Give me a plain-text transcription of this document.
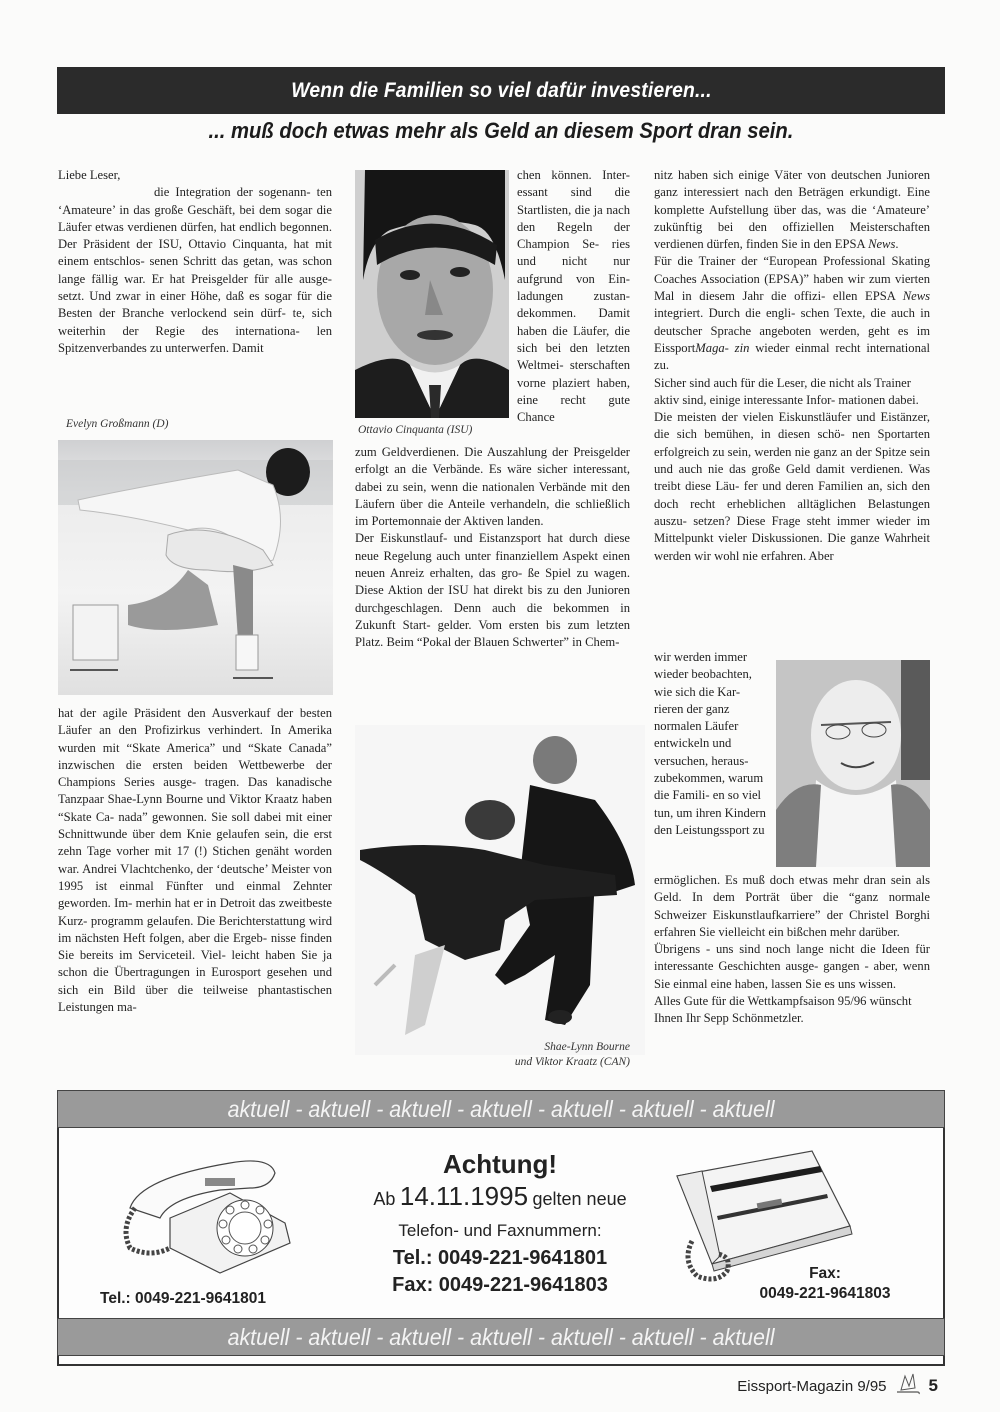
Wenn die Familien so viel dafür investieren...
... muß doch etwas mehr als Geld an diesem Sport dran sein.

Liebe Leser,

die Integration der sogenann- ten ‘Amateure’ in das große Geschäft, bei dem sogar die Läufer etwas verdienen dürfen, hat endlich begonnen. Der Präsident der ISU, Ottavio Cinquanta, hat mit einem entschlos- senen Schritt das getan, was schon lange fällig war. Er hat Preisgelder für alle ausge- setzt. Und zwar in einer Höhe, daß es sogar für die Besten der Branche verlockend sein dürf- te, sich weiterhin der Regie des internationa- len Spitzenverbandes zu unterwerfen. Damit

Evelyn Großmann (D)

hat der agile Präsident den Ausverkauf der besten Läufer an den Profizirkus verhindert. In Amerika wurden mit “Skate America” und “Skate Canada” inzwischen die ersten beiden Wettbewerbe der Champions Series ausge- tragen. Das kanadische Tanzpaar Shae-Lynn Bourne und Viktor Kraatz haben “Skate Ca- nada” gewonnen. Sie soll dabei mit einer Schnittwunde über dem Knie gelaufen sein, die erst zehn Tage vorher mit 17 (!) Stichen genäht worden war. Andrei Vlachtchenko, der ‘deutsche’ Meister von 1995 ist einmal Fünfter und einmal Zehnter geworden. Im- merhin hat er in Detroit das zweitbeste Kurz- programm gelaufen. Die Berichterstattung wird im nächsten Heft folgen, aber die Ergeb- nisse finden Sie bereits im Serviceteil. Viel- leicht haben Sie ja schon die Übertragungen in Eurosport gesehen und sich ein Bild über die teilweise phantastischen Leistungen ma-

Ottavio Cinquanta (ISU)

chen können. Inter- essant sind die Startlisten, die ja nach den Regeln der Champion Se- ries und nicht nur aufgrund von Ein- ladungen zustan- dekommen. Damit haben die Läufer, die sich bei den letzten Weltmei- sterschaften vorne plaziert haben, eine recht gute Chance

zum Geldverdienen. Die Auszahlung der Preisgelder erfolgt an die Verbände. Es wäre sicher interessant, dabei zu sein, wenn die nationalen Verbände mit den Läufern über die Anteile verhandeln, die schließlich im Portemonnaie der Aktiven landen.

Der Eiskunstlauf- und Eistanzsport hat durch diese neue Regelung auch unter finanziellem Aspekt einen neuen Anreiz erhalten, das gro- ße Spiel zu wagen. Diese Aktion der ISU hat direkt bis zu den Junioren durchgeschlagen. Denn auch die bekommen in Zukunft Start- gelder. Vom ersten bis zum letzten Platz. Beim “Pokal der Blauen Schwerter” in Chem-

Shae-Lynn Bourne
und Viktor Kraatz (CAN)

nitz haben sich einige Väter von deutschen Junioren ganz interessiert nach den Beträgen erkundigt. Eine komplette Aufstellung über das, was die ‘Amateure’ zukünftig bei den offiziellen Meisterschaften verdienen dürfen, finden Sie in den EPSA News.

Für die Trainer der “European Professional Skating Coaches Association (EPSA)” haben wir zum vierten Mal in diesem Jahr die offizi- ellen EPSA News integriert. Durch die engli- schen Texte, die auch in deutscher Sprache angeboten werden, geht es im EissportMaga- zin wieder einmal recht international zu.

Sicher sind auch für die Leser, die nicht als Trainer aktiv sind, einige interessante Infor- mationen dabei.

Die meisten der vielen Eiskunstläufer und Eistänzer, die sich bemühen, in diesen schö- nen Sportarten erfolgreich zu sein, werden nie ganz an der Spitze sein und auch nie das große Geld damit verdienen. Was treibt diese Läu- fer und deren Familien an, sich den doch recht erheblichen alltäglichen Belastungen auszu- setzen? Diese Frage steht immer wieder im Mittelpunkt vieler Diskussionen. Die ganze Wahrheit werden wir wohl nie erfahren. Aber

wir werden immer wieder beobachten, wie sich die Kar- rieren der ganz normalen Läufer entwickeln und versuchen, heraus- zubekommen, warum die Famili- en so viel tun, um ihren Kindern den Leistungssport zu

ermöglichen. Es muß doch etwas mehr dran sein als Geld. In dem Porträt über die “ganz normale Schweizer Eiskunstlaufkarriere” der Christel Borghi erfahren Sie vielleicht ein bißchen mehr darüber.

Übrigens - uns sind noch lange nicht die Ideen für interessante Geschichten ausge- gangen - aber, wenn Sie einmal eine haben, lassen Sie es uns wissen.

Alles Gute für die Wettkampfsaison 95/96 wünscht Ihnen Ihr Sepp Schönmetzler.

aktuell - aktuell - aktuell - aktuell - aktuell - aktuell - aktuell
aktuell - aktuell - aktuell - aktuell - aktuell - aktuell - aktuell
Tel.: 0049-221-9641801
Achtung!
Ab 14.11.1995 gelten neue
Telefon- und Faxnummern:
Tel.: 0049-221-9641801
Fax: 0049-221-9641803
Fax:
0049-221-9641803
Eissport-Magazin 9/95 5
